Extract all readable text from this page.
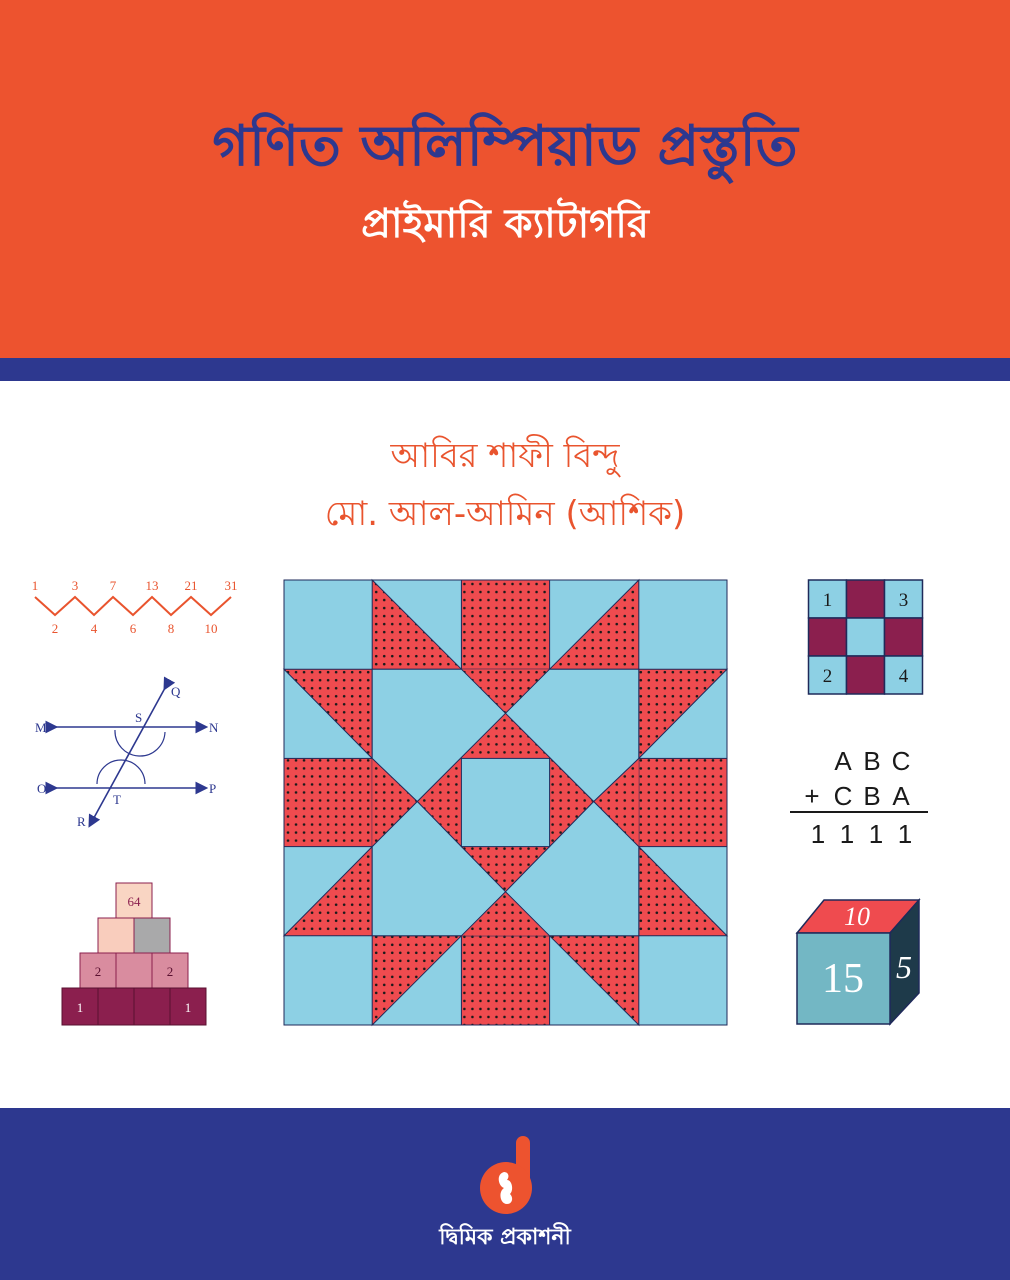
গণিত অলিম্পিয়াড প্রস্তুতি
প্রাইমারি ক্যাটাগরি
আবির শাফী বিন্দু
মো. আল-আমিন (আশিক)
1	3 7 13 21 31
2	4	6 8 10
M	N
O	P
Q
R
S
T
64
2	2
1	1
1	3
2	4
A B C
+ C B A
1 1 1 1
10
15 5
দ্বিমিক প্রকাশনী
